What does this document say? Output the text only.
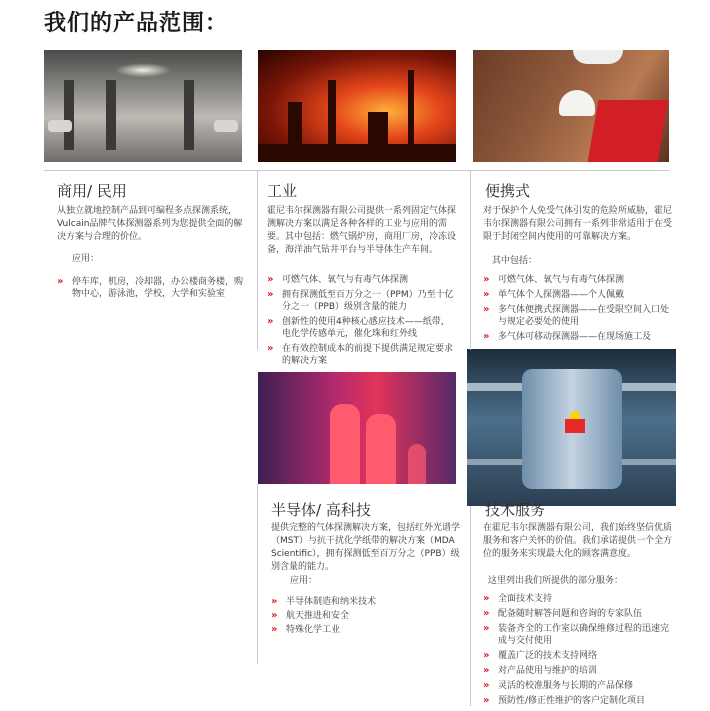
我们的产品范围：
商用/ 民用
从独立就地控制产品到可编程多点探测系统，Vulcain品牌气体探测器系列为您提供全面的解决方案与合理的价位。
应用：
» 停车库，机房，冷却器，办公楼商务楼，购物中心，游泳池，学校，大学和实验室
工业
霍尼韦尔探测器有限公司提供一系列固定气体探测解决方案以满足各种各样的工业与应用的需要。其中包括：燃气锅炉房，商用厂房，冷冻设备，海洋油气钻井平台与半导体生产车间。
» 可燃气体、氧气与有毒气体探测
» 拥有探测低至百万分之一（PPM）乃至十亿分之一（PPB）级别含量的能力
» 创新性的使用4种核心感应技术——纸带，电化学传感单元，催化珠和红外线
» 在有效控制成本的前提下提供满足规定要求的解决方案
便携式
对于保护个人免受气体引发的危险所威胁，霍尼韦尔探测器有限公司拥有一系列非常适用于在受限于封闭空间内使用的可靠解决方案。
其中包括：
» 可燃气体、氧气与有毒气体探测
» 单气体个人探测器——个人佩戴
» 多气体便携式探测器——在受限空间入口处与规定必要处的使用
» 多气体可移动探测器——在现场施工及
半导体/ 高科技
提供完整的气体探测解决方案，包括红外光谱学（MST）与抗干扰化学纸带的解决方案（MDA Scientific），拥有探测低至百万分之（PPB）级别含量的能力。
应用：
» 半导体制造和纳米技术
» 航天推进和安全
» 特殊化学工业
技术服务
在霍尼韦尔探测器有限公司，我们始终坚信优质服务和客户关怀的价值。我们承诺提供一个全方位的服务来实现最大化的顾客满意度。
这里列出我们所提供的部分服务：
» 全面技术支持
» 配备随时解答问题和咨询的专家队伍
» 装备齐全的工作室以确保维修过程的迅速完成与交付使用
» 覆盖广泛的技术支持网络
» 对产品使用与维护的培训
» 灵活的校准服务与长期的产品保修
» 预防性/修正性维护的客户定制化项目
